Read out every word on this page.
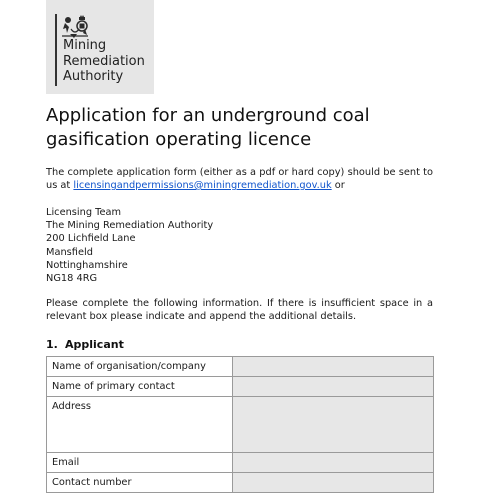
Mining
Remediation
Authority
Application for an underground coal gasification operating licence
The complete application form (either as a pdf or hard copy) should be sent to us at licensingandpermissions@miningremediation.gov.uk or
Licensing Team
The Mining Remediation Authority
200 Lichfield Lane
Mansfield
Nottinghamshire
NG18 4RG
Please complete the following information. If there is insufficient space in a relevant box please indicate and append the additional details.
1. Applicant
Name of organisation/company	
Name of primary contact	
Address	
Email	
Contact number	
